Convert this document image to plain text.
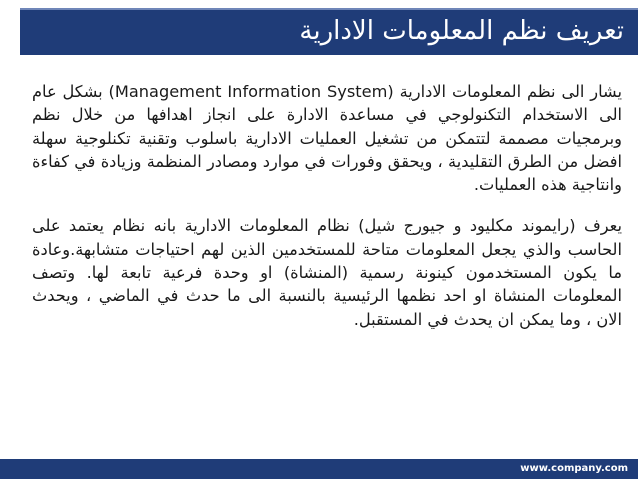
تعريف نظم المعلومات الادارية

يشار الى نظم المعلومات الادارية (Management Information System) بشكل عام الى الاستخدام التكنولوجي في مساعدة الادارة على انجاز اهدافها من خلال نظم وبرمجيات مصممة لتتمكن من تشغيل العمليات الادارية باسلوب وتقنية تكنلوجية سهلة افضل من الطرق التقليدية ، ويحقق وفورات في موارد ومصادر المنظمة وزيادة في كفاءة وانتاجية هذه العمليات.

يعرف (رايموند مكليود و جيورج شيل) نظام المعلومات الادارية بانه نظام يعتمد على الحاسب والذي يجعل المعلومات متاحة للمستخدمين الذين لهم احتياجات متشابهة.وعادة ما يكون المستخدمون كينونة رسمية (المنشاة) او وحدة فرعية تابعة لها. وتصف المعلومات المنشاة او احد نظمها الرئيسية بالنسبة الى ما حدث في الماضي ، ويحدث الان ، وما يمكن ان يحدث في المستقبل.

www.company.com
